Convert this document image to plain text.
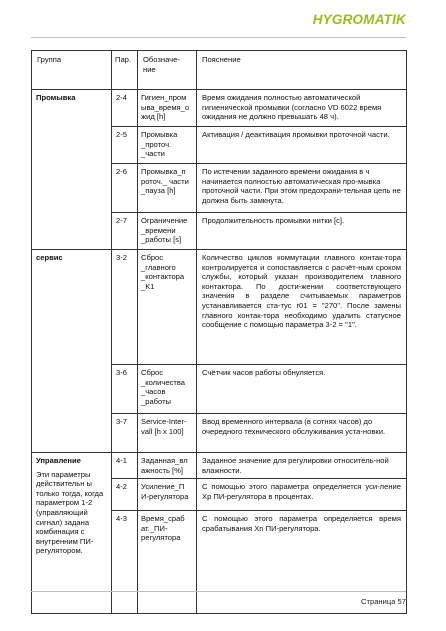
HYGROMATIK
Группа	Пар.	Обозначе-ние	Пояснение

Промывка	2-4	Гигиен_пром ыва_время_о жид [h]	Время ожидания полностью автоматической гигиенической промывки (согласно VD 6022 время ожидания не должно превышать 48 ч).
	2-5	Промывка _проточ. _части	Активация / деактивация промывки проточной части.
	2-6	Промывка_п роточ._ части _пауза [h]	По истечении заданного времени ожидания в ч начинается полностью автоматическая про-мывка проточной части. При этом предохрани-тельная цепь не должна быть замкнута.
	2-7	Ограничение _времени _работы [s]	Продолжительность промывки нитки [с].

сервис	3-2	Сброс _главного _контактора _K1	Количество циклов коммутации главного контак-тора контролируется и сопоставляется с расчёт-ным сроком службы, который указан производителем главного контактора. По дости-жении соответствующего значения в разделе считываемых параметров устанавливается ста-тус r01 = "270". После замены главного контак-тора необходимо удалить статусное сообщение с помощью параметра 3-2 = "1".
	3-6	Сброс _количества _часов _работы	Счётчик часов работы обнуляется.
	3-7	Service-Inter-vall [h x 100]	Ввод временного интервала (в сотнях часов) до очередного технического обслуживания уста-новки.

Управление
Эти параметры действительн ы только тогда, когда параметром 1-2 (управляющий сигнал) задана комбинация с внутренним ПИ-регулятором.	4-1	Заданная_вл ажность [%]	Заданное значение для регулировки относитель-ной влажности.
	4-2	Усиление_П И-регулятора	С помощью этого параметра определяется уси-ление Хр ПИ-регулятора в процентах.
	4-3	Время_сраб ат._ПИ-регулятора	С помощью этого параметра определяется время срабатывания Хn ПИ-регулятора.
Страница 57
